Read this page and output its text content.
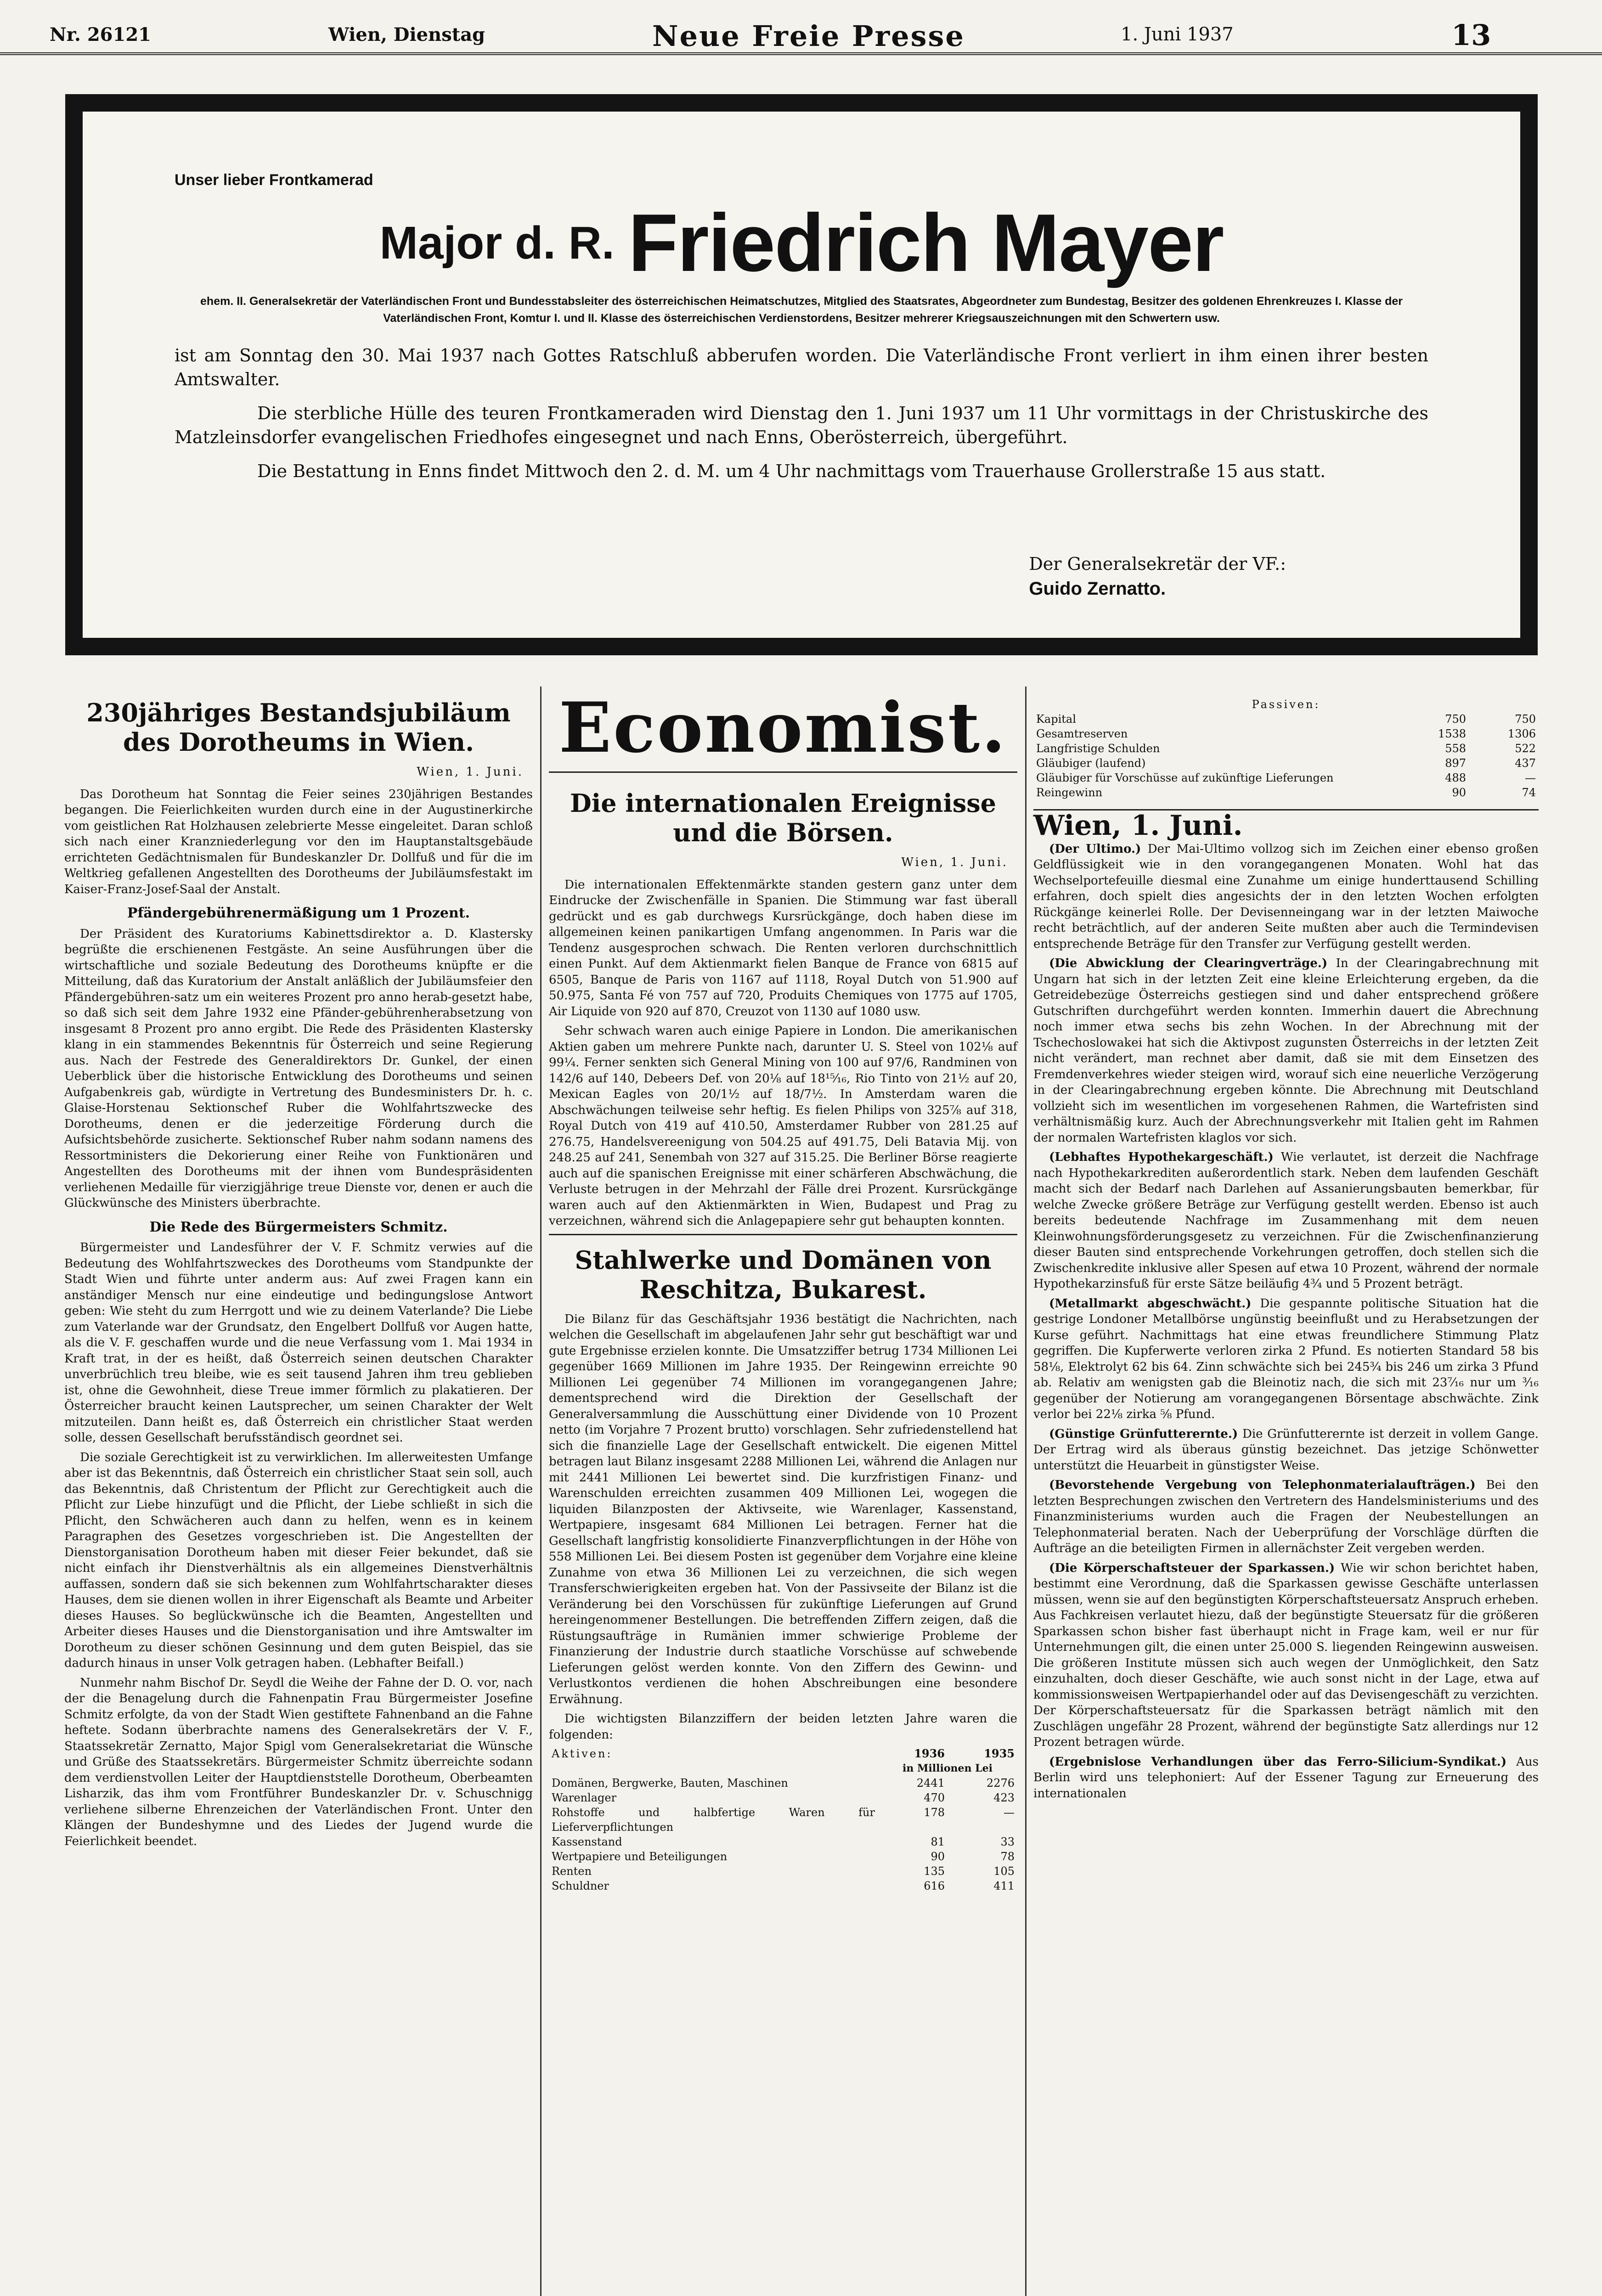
Nr. 26121	Wien, Dienstag	Neue Freie Presse	1. Juni 1937	13
Unser lieber Frontkamerad
Major d. R. Friedrich Mayer
ehem. II. Generalsekretär der Vaterländischen Front und Bundesstabsleiter des österreichischen Heimatschutzes, Mitglied des Staatsrates, Abgeordneter zum Bundestag, Besitzer des goldenen Ehrenkreuzes I. Klasse der Vaterländischen Front, Komtur I. und II. Klasse des österreichischen Verdienstordens, Besitzer mehrerer Kriegsauszeichnungen mit den Schwertern usw.

ist am Sonntag den 30. Mai 1937 nach Gottes Ratschluß abberufen worden. Die Vaterländische Front verliert in ihm einen ihrer besten Amtswalter.

Die sterbliche Hülle des teuren Frontkameraden wird Dienstag den 1. Juni 1937 um 11 Uhr vormittags in der Christuskirche des Matzleinsdorfer evangelischen Friedhofes eingesegnet und nach Enns, Oberösterreich, übergeführt.

Die Bestattung in Enns findet Mittwoch den 2. d. M. um 4 Uhr nachmittags vom Trauerhause Grollerstraße 15 aus statt.

Der Generalsekretär der VF.:
Guido Zernatto.
230jähriges Bestandsjubiläum des Dorotheums in Wien.
Wien, 1. Juni.

Das Dorotheum hat Sonntag die Feier seines 230jährigen Bestandes begangen. Die Feierlichkeiten wurden durch eine in der Augustinerkirche vom geistlichen Rat Holzhausen zelebrierte Messe eingeleitet. Daran schloß sich nach einer Kranzniederlegung vor den im Hauptanstaltsgebäude errichteten Gedächtnismalen für Bundeskanzler Dr. Dollfuß und für die im Weltkrieg gefallenen Angestellten des Dorotheums der Jubiläumsfestakt im Kaiser-Franz-Josef-Saal der Anstalt.

Pfändergebührenermäßigung um 1 Prozent.

Der Präsident des Kuratoriums Kabinettsdirektor a. D. Klastersky begrüßte die erschienenen Festgäste. An seine Ausführungen über die wirtschaftliche und soziale Bedeutung des Dorotheums knüpfte er die Mitteilung, daß das Kuratorium der Anstalt anläßlich der Jubiläumsfeier den Pfändergebühren-satz um ein weiteres Prozent pro anno herab-gesetzt habe, so daß sich seit dem Jahre 1932 eine Pfänder-gebührenherabsetzung von insgesamt 8 Prozent pro anno ergibt. Die Rede des Präsidenten Klastersky klang in ein stammendes Bekenntnis für Österreich und seine Regierung aus. Nach der Festrede des Generaldirektors Dr. Gunkel, der einen Ueberblick über die historische Entwicklung des Dorotheums und seinen Aufgabenkreis gab, würdigte in Vertretung des Bundesministers Dr. h. c. Glaise-Horstenau Sektionschef Ruber die Wohlfahrtszwecke des Dorotheums, denen er die jederzeitige Förderung durch die Aufsichtsbehörde zusicherte. Sektionschef Ruber nahm sodann namens des Ressortministers die Dekorierung einer Reihe von Funktionären und Angestellten des Dorotheums mit der ihnen vom Bundespräsidenten verliehenen Medaille für vierzigjährige treue Dienste vor, denen er auch die Glückwünsche des Ministers überbrachte.

Die Rede des Bürgermeisters Schmitz.

Bürgermeister und Landesführer der V. F. Schmitz verwies auf die Bedeutung des Wohlfahrtszweckes des Dorotheums vom Standpunkte der Stadt Wien und führte unter anderm aus: Auf zwei Fragen kann ein anständiger Mensch nur eine eindeutige und bedingungslose Antwort geben: Wie steht du zum Herrgott und wie zu deinem Vaterlande? Die Liebe zum Vaterlande war der Grundsatz, den Engelbert Dollfuß vor Augen hatte, als die V. F. geschaffen wurde und die neue Verfassung vom 1. Mai 1934 in Kraft trat, in der es heißt, daß Österreich seinen deutschen Charakter unverbrüchlich treu bleibe, wie es seit tausend Jahren ihm treu geblieben ist, ohne die Gewohnheit, diese Treue immer förmlich zu plakatieren. Der Österreicher braucht keinen Lautsprecher, um seinen Charakter der Welt mitzuteilen. Dann heißt es, daß Österreich ein christlicher Staat werden solle, dessen Gesellschaft berufsständisch geordnet sei.

Die soziale Gerechtigkeit ist zu verwirklichen. Im allerweitesten Umfange aber ist das Bekenntnis, daß Österreich ein christlicher Staat sein soll, auch das Bekenntnis, daß Christentum der Pflicht zur Gerechtigkeit auch die Pflicht zur Liebe hinzufügt und die Pflicht, der Liebe schließt in sich die Pflicht, den Schwächeren auch dann zu helfen, wenn es in keinem Paragraphen des Gesetzes vorgeschrieben ist. Die Angestellten der Dienstorganisation Dorotheum haben mit dieser Feier bekundet, daß sie nicht einfach ihr Dienstverhältnis als ein allgemeines Dienstverhältnis auffassen, sondern daß sie sich bekennen zum Wohlfahrtscharakter dieses Hauses, dem sie dienen wollen in ihrer Eigenschaft als Beamte und Arbeiter dieses Hauses. So beglückwünsche ich die Beamten, Angestellten und Arbeiter dieses Hauses und die Dienstorganisation und ihre Amtswalter im Dorotheum zu dieser schönen Gesinnung und dem guten Beispiel, das sie dadurch hinaus in unser Volk getragen haben. (Lebhafter Beifall.)

Nunmehr nahm Bischof Dr. Seydl die Weihe der Fahne der D. O. vor, nach der die Benagelung durch die Fahnenpatin Frau Bürgermeister Josefine Schmitz erfolgte, da von der Stadt Wien gestiftete Fahnenband an die Fahne heftete. Sodann überbrachte namens des Generalsekretärs der V. F., Staatssekretär Zernatto, Major Spigl vom Generalsekretariat die Wünsche und Grüße des Staatssekretärs. Bürgermeister Schmitz überreichte sodann dem verdienstvollen Leiter der Hauptdienststelle Dorotheum, Oberbeamten Lisharzik, das ihm vom Frontführer Bundeskanzler Dr. v. Schuschnigg verliehene silberne Ehrenzeichen der Vaterländischen Front. Unter den Klängen der Bundeshymne und des Liedes der Jugend wurde die Feierlichkeit beendet.

Economist.
Die internationalen Ereignisse und die Börsen.
Wien, 1. Juni.

Die internationalen Effektenmärkte standen gestern ganz unter dem Eindrucke der Zwischenfälle in Spanien. Die Stimmung war fast überall gedrückt und es gab durchwegs Kursrückgänge, doch haben diese im allgemeinen keinen panikartigen Umfang angenommen. In Paris war die Tendenz ausgesprochen schwach. Die Renten verloren durchschnittlich einen Punkt. Auf dem Aktienmarkt fielen Banque de France von 6815 auf 6505, Banque de Paris von 1167 auf 1118, Royal Dutch von 51.900 auf 50.975, Santa Fé von 757 auf 720, Produits Chemiques von 1775 auf 1705, Air Liquide von 920 auf 870, Creuzot von 1130 auf 1080 usw.

Sehr schwach waren auch einige Papiere in London. Die amerikanischen Aktien gaben um mehrere Punkte nach, darunter U. S. Steel von 102⅛ auf 99¼. Ferner senkten sich General Mining von 100 auf 97/6, Randminen von 142/6 auf 140, Debeers Def. von 20⅛ auf 18¹⁵⁄₁₆, Rio Tinto von 21½ auf 20, Mexican Eagles von 20/1½ auf 18/7½. In Amsterdam waren die Abschwächungen teilweise sehr heftig. Es fielen Philips von 325⅞ auf 318, Royal Dutch von 419 auf 410.50, Amsterdamer Rubber von 281.25 auf 276.75, Handelsvereenigung von 504.25 auf 491.75, Deli Batavia Mij. von 248.25 auf 241, Senembah von 327 auf 315.25. Die Berliner Börse reagierte auch auf die spanischen Ereignisse mit einer schärferen Abschwächung, die Verluste betrugen in der Mehrzahl der Fälle drei Prozent. Kursrückgänge waren auch auf den Aktienmärkten in Wien, Budapest und Prag zu verzeichnen, während sich die Anlagepapiere sehr gut behaupten konnten.

Stahlwerke und Domänen von Reschitza, Bukarest.

Die Bilanz für das Geschäftsjahr 1936 bestätigt die Nachrichten, nach welchen die Gesellschaft im abgelaufenen Jahr sehr gut beschäftigt war und gute Ergebnisse erzielen konnte. Die Umsatzziffer betrug 1734 Millionen Lei gegenüber 1669 Millionen im Jahre 1935. Der Reingewinn erreichte 90 Millionen Lei gegenüber 74 Millionen im vorangegangenen Jahre; dementsprechend wird die Direktion der Gesellschaft der Generalversammlung die Ausschüttung einer Dividende von 10 Prozent netto (im Vorjahre 7 Prozent brutto) vorschlagen. Sehr zufriedenstellend hat sich die finanzielle Lage der Gesellschaft entwickelt. Die eigenen Mittel betragen laut Bilanz insgesamt 2288 Millionen Lei, während die Anlagen nur mit 2441 Millionen Lei bewertet sind. Die kurzfristigen Finanz- und Warenschulden erreichten zusammen 409 Millionen Lei, wogegen die liquiden Bilanzposten der Aktivseite, wie Warenlager, Kassenstand, Wertpapiere, insgesamt 684 Millionen Lei betragen. Ferner hat die Gesellschaft langfristig konsolidierte Finanzverpflichtungen in der Höhe von 558 Millionen Lei. Bei diesem Posten ist gegenüber dem Vorjahre eine kleine Zunahme von etwa 36 Millionen Lei zu verzeichnen, die sich wegen Transferschwierigkeiten ergeben hat. Von der Passivseite der Bilanz ist die Veränderung bei den Vorschüssen für zukünftige Lieferungen auf Grund hereingenommener Bestellungen. Die betreffenden Ziffern zeigen, daß die Rüstungsaufträge in Rumänien immer schwierige Probleme der Finanzierung der Industrie durch staatliche Vorschüsse auf schwebende Lieferungen gelöst werden konnte. Von den Ziffern des Gewinn- und Verlustkontos verdienen die hohen Abschreibungen eine besondere Erwähnung.

Die wichtigsten Bilanzziffern der beiden letzten Jahre waren die folgenden:

Aktiven:	1936	1935
	in Millionen Lei	
Domänen, Bergwerke, Bauten, Maschinen	2441	2276
Warenlager	470	423
Rohstoffe und halbfertige Waren für Lieferverpflichtungen	178	—
Kassenstand	81	33
Wertpapiere und Beteiligungen	90	78
Renten	135	105
Schuldner	616	411
Passiven:		
Kapital	750	750
Gesamtreserven	1538	1306
Langfristige Schulden	558	522
Gläubiger (laufend)	897	437
Gläubiger für Vorschüsse auf zukünftige Lieferungen	488	—
Reingewinn	90	74
Wien, 1. Juni.

(Der Ultimo.) Der Mai-Ultimo vollzog sich im Zeichen einer ebenso großen Geldflüssigkeit wie in den vorangegangenen Monaten. Wohl hat das Wechselportefeuille diesmal eine Zunahme um einige hunderttausend Schilling erfahren, doch spielt dies angesichts der in den letzten Wochen erfolgten Rückgänge keinerlei Rolle. Der Devisenneingang war in der letzten Maiwoche recht beträchtlich, auf der anderen Seite mußten aber auch die Termindevisen entsprechende Beträge für den Transfer zur Verfügung gestellt werden.

(Die Abwicklung der Clearingverträge.) In der Clearingabrechnung mit Ungarn hat sich in der letzten Zeit eine kleine Erleichterung ergeben, da die Getreidebezüge Österreichs gestiegen sind und daher entsprechend größere Gutschriften durchgeführt werden konnten. Immerhin dauert die Abrechnung noch immer etwa sechs bis zehn Wochen. In der Abrechnung mit der Tschechoslowakei hat sich die Aktivpost zugunsten Österreichs in der letzten Zeit nicht verändert, man rechnet aber damit, daß sie mit dem Einsetzen des Fremdenverkehres wieder steigen wird, worauf sich eine neuerliche Verzögerung in der Clearingabrechnung ergeben könnte. Die Abrechnung mit Deutschland vollzieht sich im wesentlichen im vorgesehenen Rahmen, die Wartefristen sind verhältnismäßig kurz. Auch der Abrechnungsverkehr mit Italien geht im Rahmen der normalen Wartefristen klaglos vor sich.

(Lebhaftes Hypothekargeschäft.) Wie verlautet, ist derzeit die Nachfrage nach Hypothekarkrediten außerordentlich stark. Neben dem laufenden Geschäft macht sich der Bedarf nach Darlehen auf Assanierungsbauten bemerkbar, für welche Zwecke größere Beträge zur Verfügung gestellt werden. Ebenso ist auch bereits bedeutende Nachfrage im Zusammenhang mit dem neuen Kleinwohnungsförderungsgesetz zu verzeichnen. Für die Zwischenfinanzierung dieser Bauten sind entsprechende Vorkehrungen getroffen, doch stellen sich die Zwischenkredite inklusive aller Spesen auf etwa 10 Prozent, während der normale Hypothekarzinsfuß für erste Sätze beiläufig 4¾ und 5 Prozent beträgt.

(Metallmarkt abgeschwächt.) Die gespannte politische Situation hat die gestrige Londoner Metallbörse ungünstig beeinflußt und zu Herabsetzungen der Kurse geführt. Nachmittags hat eine etwas freundlichere Stimmung Platz gegriffen. Die Kupferwerte verloren zirka 2 Pfund. Es notierten Standard 58 bis 58⅛, Elektrolyt 62 bis 64. Zinn schwächte sich bei 245¾ bis 246 um zirka 3 Pfund ab. Relativ am wenigsten gab die Bleinotiz nach, die sich mit 23⁷⁄₁₆ nur um ³⁄₁₆ gegenüber der Notierung am vorangegangenen Börsentage abschwächte. Zink verlor bei 22⅛ zirka ⅝ Pfund.

(Günstige Grünfutterernte.) Die Grünfutterernte ist derzeit in vollem Gange. Der Ertrag wird als überaus günstig bezeichnet. Das jetzige Schönwetter unterstützt die Heuarbeit in günstigster Weise.

(Bevorstehende Vergebung von Telephonmaterialaufträgen.) Bei den letzten Besprechungen zwischen den Vertretern des Handelsministeriums und des Finanzministeriums wurden auch die Fragen der Neubestellungen an Telephonmaterial beraten. Nach der Ueberprüfung der Vorschläge dürften die Aufträge an die beteiligten Firmen in allernächster Zeit vergeben werden.

(Die Körperschaftsteuer der Sparkassen.) Wie wir schon berichtet haben, bestimmt eine Verordnung, daß die Sparkassen gewisse Geschäfte unterlassen müssen, wenn sie auf den begünstigten Körperschaftsteuersatz Anspruch erheben. Aus Fachkreisen verlautet hiezu, daß der begünstigte Steuersatz für die größeren Sparkassen schon bisher fast überhaupt nicht in Frage kam, weil er nur für Unternehmungen gilt, die einen unter 25.000 S. liegenden Reingewinn ausweisen. Die größeren Institute müssen sich auch wegen der Unmöglichkeit, den Satz einzuhalten, doch dieser Geschäfte, wie auch sonst nicht in der Lage, etwa auf kommissionsweisen Wertpapierhandel oder auf das Devisengeschäft zu verzichten. Der Körperschaftsteuersatz für die Sparkassen beträgt nämlich mit den Zuschlägen ungefähr 28 Prozent, während der begünstigte Satz allerdings nur 12 Prozent betragen würde.

(Ergebnislose Verhandlungen über das Ferro-Silicium-Syndikat.) Aus Berlin wird uns telephoniert: Auf der Essener Tagung zur Erneuerung des internationalen
